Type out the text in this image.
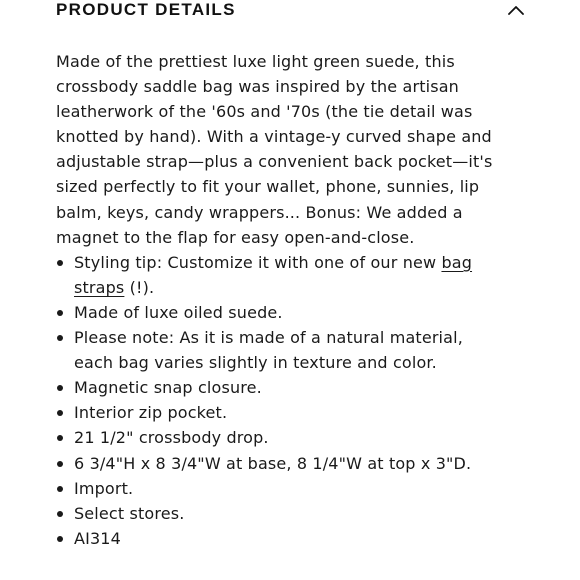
PRODUCT DETAILS

Made of the prettiest luxe light green suede, this crossbody saddle bag was inspired by the artisan leatherwork of the '60s and '70s (the tie detail was knotted by hand). With a vintage-y curved shape and adjustable strap—plus a convenient back pocket—it's sized perfectly to fit your wallet, phone, sunnies, lip balm, keys, candy wrappers... Bonus: We added a magnet to the flap for easy open-and-close.

Styling tip: Customize it with one of our new bag straps (!).
Made of luxe oiled suede.
Please note: As it is made of a natural material, each bag varies slightly in texture and color.
Magnetic snap closure.
Interior zip pocket.
21 1/2" crossbody drop.
6 3/4"H x 8 3/4"W at base, 8 1/4"W at top x 3"D.
Import.
Select stores.
AI314
